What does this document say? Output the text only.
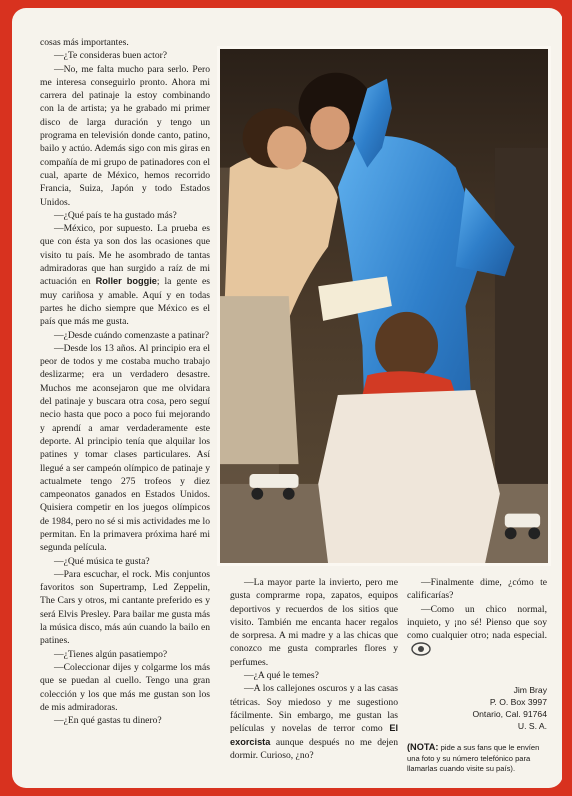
cosas más importantes.

—¿Te consideras buen actor?

—No, me falta mucho para serlo. Pero me interesa conseguirlo pronto. Ahora mi carrera del patinaje la estoy combinando con la de artista; ya he grabado mi primer disco de larga duración y tengo un programa en televisión donde canto, patino, bailo y actúo. Además sigo con mis giras en compañía de mi grupo de patinadores con el cual, aparte de México, hemos recorrido Francia, Suiza, Japón y todo Estados Unidos.

—¿Qué país te ha gustado más?

—México, por supuesto. La prueba es que con ésta ya son dos las ocasiones que visito tu país. Me he asombrado de tantas admiradoras que han surgido a raíz de mi actuación en Roller boggie; la gente es muy cariñosa y amable. Aquí y en todas partes he dicho siempre que México es el país que más me gusta.

—¿Desde cuándo comenzaste a patinar?

—Desde los 13 años. Al principio era el peor de todos y me costaba mucho trabajo deslizarme; era un verdadero desastre. Muchos me aconsejaron que me olvidara del patinaje y buscara otra cosa, pero seguí necio hasta que poco a poco fui mejorando y aprendí a amar verdaderamente este deporte. Al principio tenía que alquilar los patines y tomar clases particulares. Así llegué a ser campeón olímpico de patinaje y actualmete tengo 275 trofeos y diez campeonatos ganados en Estados Unidos. Quisiera competir en los juegos olímpicos de 1984, pero no sé si mis actividades me lo permitan. En la primavera próxima haré mi segunda película.

—¿Qué música te gusta?

—Para escuchar, el rock. Mis conjuntos favoritos son Supertramp, Led Zeppelin, The Cars y otros, mi cantante preferido es y será Elvis Presley. Para bailar me gusta más la música disco, más aún cuando la bailo en patines.

—¿Tienes algún pasatiempo?

—Coleccionar dijes y colgarme los más que se puedan al cuello. Tengo una gran colección y los que más me gustan son los de mis admiradoras.

—¿En qué gastas tu dinero?

—La mayor parte la invierto, pero me gusta comprarme ropa, zapatos, equipos deportivos y recuerdos de los sitios que visito. También me encanta hacer regalos de sorpresa. A mi madre y a las chicas que conozco me gusta comprarles flores y perfumes.

—¿A qué le temes?

—A los callejones oscuros y a las casas tétricas. Soy miedoso y me sugestiono fácilmente. Sin embargo, me gustan las películas y novelas de terror como El exorcista aunque después no me dejen dormir. Curioso, ¿no?

—Finalmente dime, ¿cómo te calificarías?

—Como un chico normal, inquieto, y ¡no sé! Pienso que soy como cualquier otro; nada especial.

Jim Bray
P. O. Box 3997
Ontario, Cal. 91764
U. S. A.
(NOTA: pide a sus fans que le envíen una foto y su número telefónico para llamarlas cuando visite su país).
